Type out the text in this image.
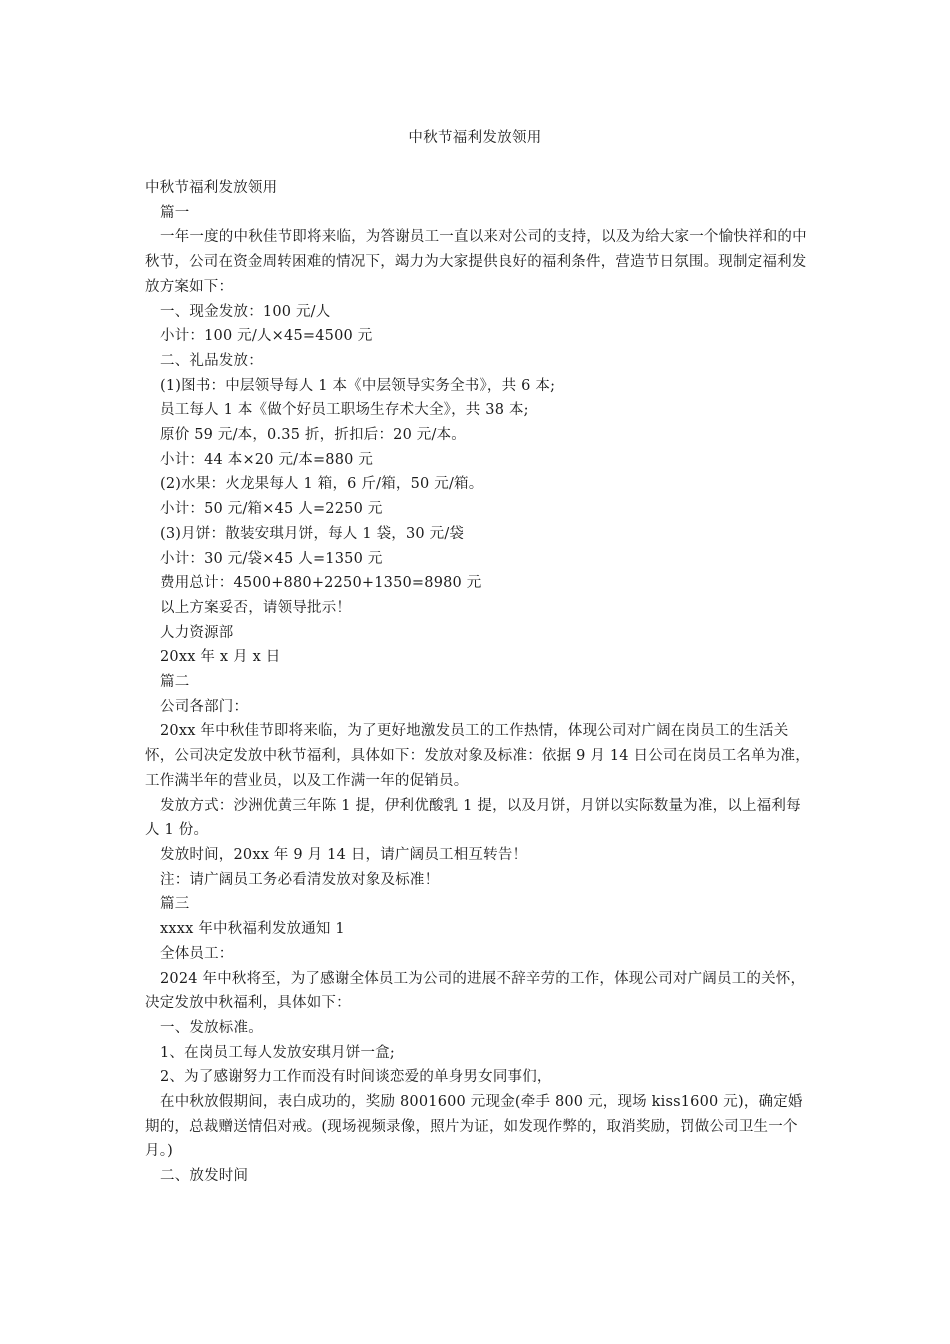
中秋节福利发放领用

中秋节福利发放领用

篇一

一年一度的中秋佳节即将来临，为答谢员工一直以来对公司的支持，以及为给大家一个愉快祥和的中秋节，公司在资金周转困难的情况下，竭力为大家提供良好的福利条件，营造节日氛围。现制定福利发放方案如下：

一、现金发放：100 元/人

小计：100 元/人×45=4500 元

二、礼品发放：

(1)图书：中层领导每人 1 本《中层领导实务全书》，共 6 本;

员工每人 1 本《做个好员工职场生存术大全》，共 38 本;

原价 59 元/本，0.35 折，折扣后：20 元/本。

小计：44 本×20 元/本=880 元

(2)水果：火龙果每人 1 箱，6 斤/箱，50 元/箱。

小计：50 元/箱×45 人=2250 元

(3)月饼：散装安琪月饼，每人 1 袋，30 元/袋

小计：30 元/袋×45 人=1350 元

费用总计：4500+880+2250+1350=8980 元

以上方案妥否，请领导批示！

人力资源部

20xx 年 x 月 x 日

篇二

公司各部门：

20xx 年中秋佳节即将来临，为了更好地激发员工的工作热情，体现公司对广阔在岗员工的生活关怀，公司决定发放中秋节福利，具体如下：发放对象及标准：依据 9 月 14 日公司在岗员工名单为准，工作满半年的营业员，以及工作满一年的促销员。

发放方式：沙洲优黄三年陈 1 提，伊利优酸乳 1 提，以及月饼，月饼以实际数量为准，以上福利每人 1 份。

发放时间，20xx 年 9 月 14 日，请广阔员工相互转告！

注：请广阔员工务必看清发放对象及标准！

篇三

xxxx 年中秋福利发放通知 1

全体员工：

2024 年中秋将至，为了感谢全体员工为公司的进展不辞辛劳的工作，体现公司对广阔员工的关怀，决定发放中秋福利，具体如下：

一、发放标准。

1、在岗员工每人发放安琪月饼一盒;

2、为了感谢努力工作而没有时间谈恋爱的单身男女同事们，

在中秋放假期间，表白成功的，奖励 8001600 元现金(牵手 800 元，现场 kiss1600 元)，确定婚期的，总裁赠送情侣对戒。(现场视频录像，照片为证，如发现作弊的，取消奖励，罚做公司卫生一个月。)

二、放发时间
